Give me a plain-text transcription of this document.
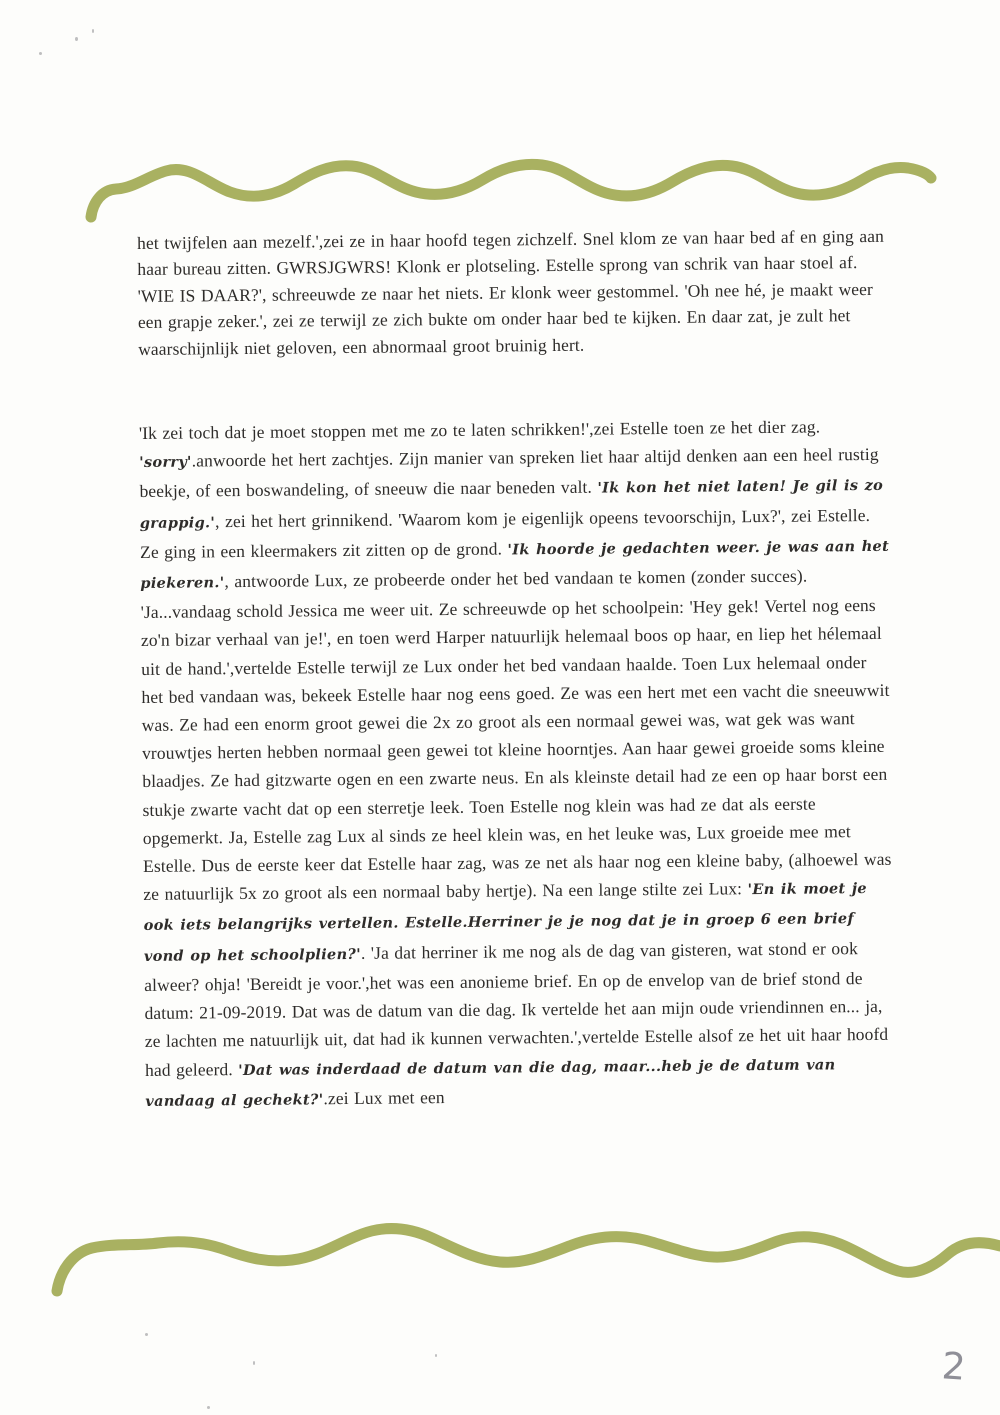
het twijfelen aan mezelf.',zei ze in haar hoofd tegen zichzelf. Snel klom ze van haar bed af en ging aan haar bureau zitten. GWRSJGWRS! Klonk er plotseling. Estelle sprong van schrik van haar stoel af. 'WIE IS DAAR?', schreeuwde ze naar het niets. Er klonk weer gestommel. 'Oh nee hé, je maakt weer een grapje zeker.', zei ze terwijl ze zich bukte om onder haar bed te kijken. En daar zat, je zult het waarschijnlijk niet geloven, een abnormaal groot bruinig hert.

'Ik zei toch dat je moet stoppen met me zo te laten schrikken!',zei Estelle toen ze het dier zag. 'sorry'.anwoorde het hert zachtjes. Zijn manier van spreken liet haar altijd denken aan een heel rustig beekje, of een boswandeling, of sneeuw die naar beneden valt. 'Ik kon het niet laten! Je gil is zo grappig.', zei het hert grinnikend. 'Waarom kom je eigenlijk opeens tevoorschijn, Lux?', zei Estelle. Ze ging in een kleermakers zit zitten op de grond. 'Ik hoorde je gedachten weer. je was aan het piekeren.', antwoorde Lux, ze probeerde onder het bed vandaan te komen (zonder succes). 'Ja...vandaag schold Jessica me weer uit. Ze schreeuwde op het schoolpein: 'Hey gek! Vertel nog eens zo'n bizar verhaal van je!', en toen werd Harper natuurlijk helemaal boos op haar, en liep het hélemaal uit de hand.',vertelde Estelle terwijl ze Lux onder het bed vandaan haalde. Toen Lux helemaal onder het bed vandaan was, bekeek Estelle haar nog eens goed. Ze was een hert met een vacht die sneeuwwit was. Ze had een enorm groot gewei die 2x zo groot als een normaal gewei was, wat gek was want vrouwtjes herten hebben normaal geen gewei tot kleine hoorntjes. Aan haar gewei groeide soms kleine blaadjes. Ze had gitzwarte ogen en een zwarte neus. En als kleinste detail had ze een op haar borst een stukje zwarte vacht dat op een sterretje leek. Toen Estelle nog klein was had ze dat als eerste opgemerkt. Ja, Estelle zag Lux al sinds ze heel klein was, en het leuke was, Lux groeide mee met Estelle. Dus de eerste keer dat Estelle haar zag, was ze net als haar nog een kleine baby, (alhoewel was ze natuurlijk 5x zo groot als een normaal baby hertje). Na een lange stilte zei Lux: 'En ik moet je ook iets belangrijks vertellen. Estelle.Herriner je je nog dat je in groep 6 een brief vond op het schoolplien?'. 'Ja dat herriner ik me nog als de dag van gisteren, wat stond er ook alweer? ohja! 'Bereidt je voor.',het was een anonieme brief. En op de envelop van de brief stond de datum: 21-09-2019. Dat was de datum van die dag. Ik vertelde het aan mijn oude vriendinnen en... ja, ze lachten me natuurlijk uit, dat had ik kunnen verwachten.',vertelde Estelle alsof ze het uit haar hoofd had geleerd. 'Dat was inderdaad de datum van die dag, maar...heb je de datum van vandaag al gechekt?'.zei Lux met een

2
